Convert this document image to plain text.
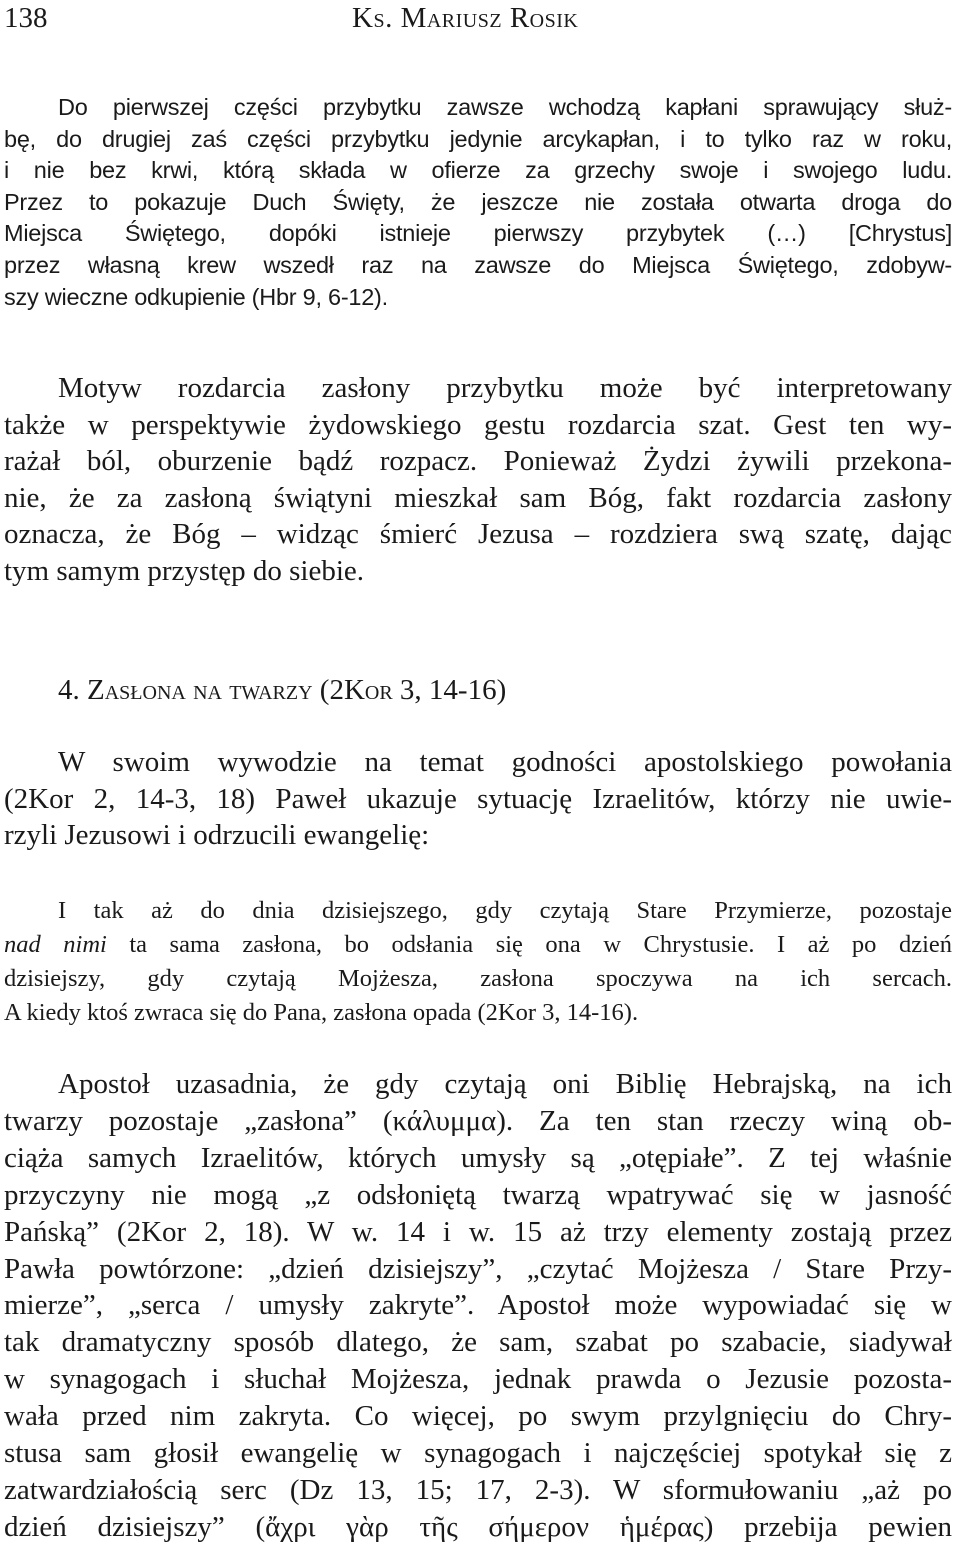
138	Ks. Mariusz Rosik
Do pierwszej części przybytku zawsze wchodzą kapłani sprawujący służ-
bę, do drugiej zaś części przybytku jedynie arcykapłan, i to tylko raz w roku,
i nie bez krwi, którą składa w ofierze za grzechy swoje i swojego ludu.
Przez to pokazuje Duch Święty, że jeszcze nie została otwarta droga do
Miejsca Świętego, dopóki istnieje pierwszy przybytek (…) [Chrystus]
przez własną krew wszedł raz na zawsze do Miejsca Świętego, zdobyw-
szy wieczne odkupienie (Hbr 9, 6-12).
Motyw rozdarcia zasłony przybytku może być interpretowany
także w perspektywie żydowskiego gestu rozdarcia szat. Gest ten wy-
rażał ból, oburzenie bądź rozpacz. Ponieważ Żydzi żywili przekona-
nie, że za zasłoną świątyni mieszkał sam Bóg, fakt rozdarcia zasłony
oznacza, że Bóg – widząc śmierć Jezusa – rozdziera swą szatę, dając
tym samym przystęp do siebie.
4. Zasłona na twarzy (2Kor 3, 14-16)
W swoim wywodzie na temat godności apostolskiego powołania
(2Kor 2, 14-3, 18) Paweł ukazuje sytuację Izraelitów, którzy nie uwie-
rzyli Jezusowi i odrzucili ewangelię:
I tak aż do dnia dzisiejszego, gdy czytają Stare Przymierze, pozostaje
nad nimi ta sama zasłona, bo odsłania się ona w Chrystusie. I aż po dzień
dzisiejszy, gdy czytają Mojżesza, zasłona spoczywa na ich sercach.
A kiedy ktoś zwraca się do Pana, zasłona opada (2Kor 3, 14-16).
Apostoł uzasadnia, że gdy czytają oni Biblię Hebrajską, na ich
twarzy pozostaje „zasłona” (κάλυμμα). Za ten stan rzeczy winą ob-
ciąża samych Izraelitów, których umysły są „otępiałe”. Z tej właśnie
przyczyny nie mogą „z odsłoniętą twarzą wpatrywać się w jasność
Pańską” (2Kor 2, 18). W w. 14 i w. 15 aż trzy elementy zostają przez
Pawła powtórzone: „dzień dzisiejszy”, „czytać Mojżesza / Stare Przy-
mierze”, „serca / umysły zakryte”. Apostoł może wypowiadać się w
tak dramatyczny sposób dlatego, że sam, szabat po szabacie, siadywał
w synagogach i słuchał Mojżesza, jednak prawda o Jezusie pozosta-
wała przed nim zakryta. Co więcej, po swym przylgnięciu do Chry-
stusa sam głosił ewangelię w synagogach i najczęściej spotykał się z
zatwardziałością serc (Dz 13, 15; 17, 2-3). W sformułowaniu „aż po
dzień dzisiejszy” (ἄχρι γὰρ τῆς σήμερον ἡμέρας) przebija pewien
